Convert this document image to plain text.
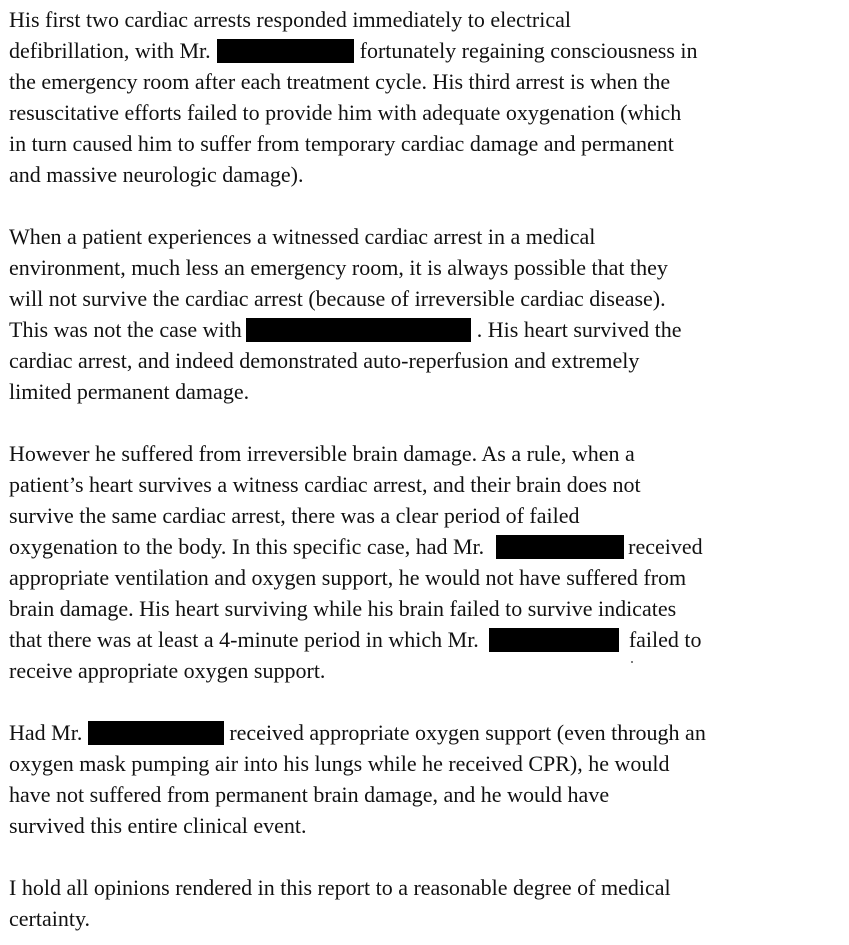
His first two cardiac arrests responded immediately to electrical
defibrillation, with Mr.	fortunately regaining consciousness in
the emergency room after each treatment cycle. His third arrest is when the
resuscitative efforts failed to provide him with adequate oxygenation (which
in turn caused him to suffer from temporary cardiac damage and permanent
and massive neurologic damage).
When a patient experiences a witnessed cardiac arrest in a medical
environment, much less an emergency room, it is always possible that they
will not survive the cardiac arrest (because of irreversible cardiac disease).
This was not the case with	. His heart survived the
cardiac arrest, and indeed demonstrated auto-reperfusion and extremely
limited permanent damage.
However he suffered from irreversible brain damage. As a rule, when a
patient’s heart survives a witness cardiac arrest, and their brain does not
survive the same cardiac arrest, there was a clear period of failed
oxygenation to the body. In this specific case, had Mr.	received
appropriate ventilation and oxygen support, he would not have suffered from
brain damage. His heart surviving while his brain failed to survive indicates
that there was at least a 4-minute period in which Mr.	failed to
receive appropriate oxygen support.
Had Mr.	received appropriate oxygen support (even through an
oxygen mask pumping air into his lungs while he received CPR), he would
have not suffered from permanent brain damage, and he would have
survived this entire clinical event.
I hold all opinions rendered in this report to a reasonable degree of medical
certainty.
